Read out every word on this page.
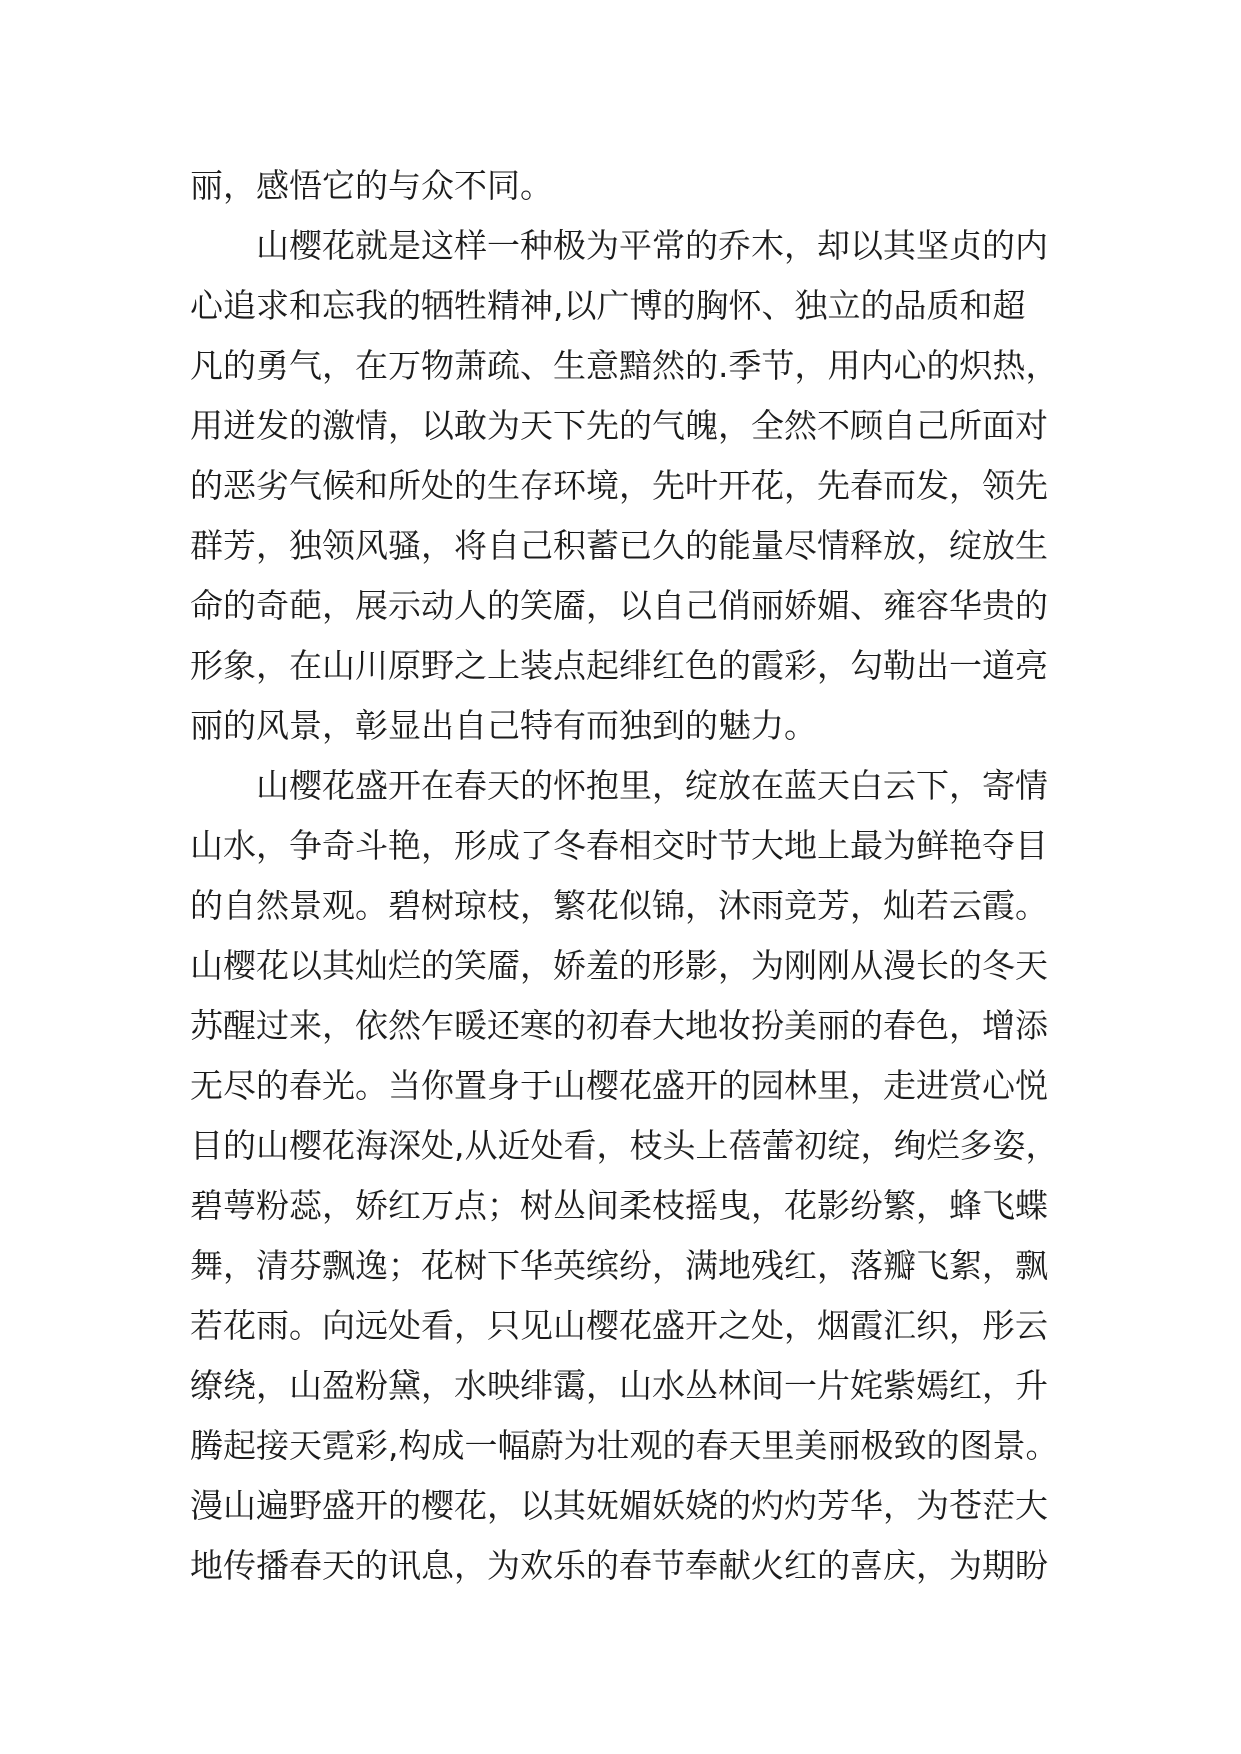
丽，感悟它的与众不同。
山樱花就是这样一种极为平常的乔木，却以其坚贞的内
心追求和忘我的牺牲精神,以广博的胸怀、独立的品质和超
凡的勇气，在万物萧疏、生意黯然的.季节，用内心的炽热，
用迸发的激情，以敢为天下先的气魄，全然不顾自己所面对
的恶劣气候和所处的生存环境，先叶开花，先春而发，领先
群芳，独领风骚，将自己积蓄已久的能量尽情释放，绽放生
命的奇葩，展示动人的笑靥，以自己俏丽娇媚、雍容华贵的
形象，在山川原野之上装点起绯红色的霞彩，勾勒出一道亮
丽的风景，彰显出自己特有而独到的魅力。
山樱花盛开在春天的怀抱里，绽放在蓝天白云下，寄情
山水，争奇斗艳，形成了冬春相交时节大地上最为鲜艳夺目
的自然景观。碧树琼枝，繁花似锦，沐雨竞芳，灿若云霞。
山樱花以其灿烂的笑靥，娇羞的形影，为刚刚从漫长的冬天
苏醒过来，依然乍暖还寒的初春大地妆扮美丽的春色，增添
无尽的春光。当你置身于山樱花盛开的园林里，走进赏心悦
目的山樱花海深处,从近处看，枝头上蓓蕾初绽，绚烂多姿，
碧萼粉蕊，娇红万点；树丛间柔枝摇曳，花影纷繁，蜂飞蝶
舞，清芬飘逸；花树下华英缤纷，满地残红，落瓣飞絮，飘
若花雨。向远处看，只见山樱花盛开之处，烟霞汇织，彤云
缭绕，山盈粉黛，水映绯霭，山水丛林间一片姹紫嫣红，升
腾起接天霓彩,构成一幅蔚为壮观的春天里美丽极致的图景。
漫山遍野盛开的樱花，以其妩媚妖娆的灼灼芳华，为苍茫大
地传播春天的讯息，为欢乐的春节奉献火红的喜庆，为期盼
